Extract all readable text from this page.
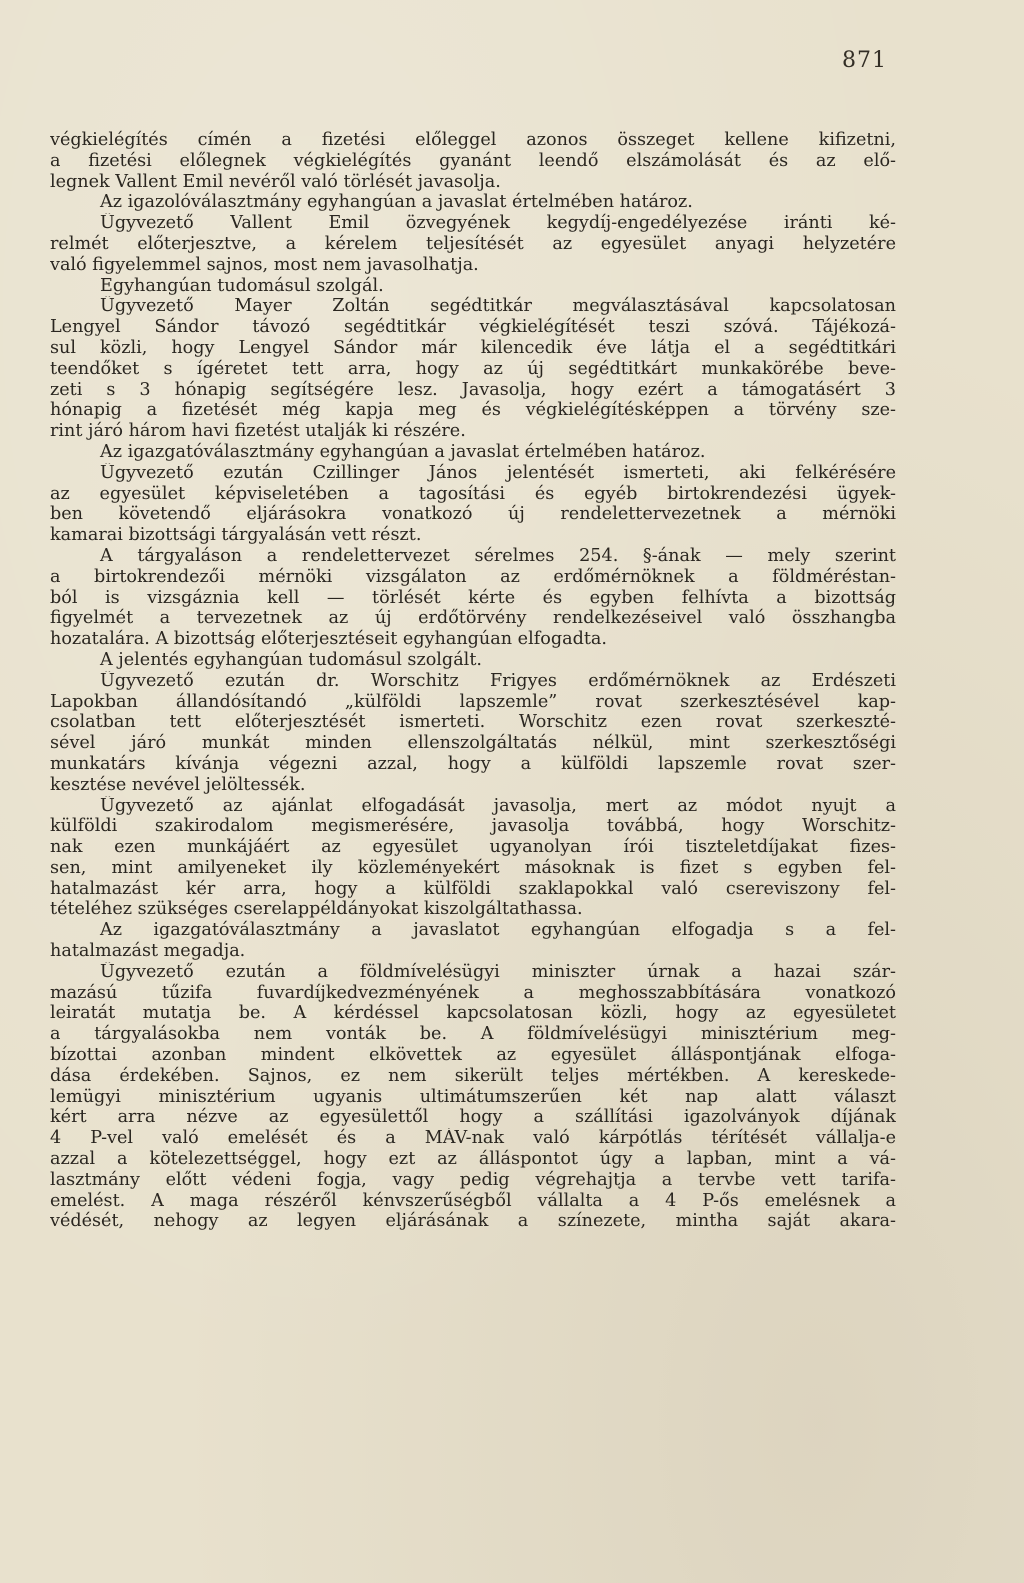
871
végkielégítés címén a fizetési előleggel azonos összeget kellene kifizetni,
a fizetési előlegnek végkielégítés gyanánt leendő elszámolását és az elő-
legnek Vallent Emil nevéről való törlését javasolja.
Az igazolóválasztmány egyhangúan a javaslat értelmében határoz.
Ügyvezető Vallent Emil özvegyének kegydíj-engedélyezése iránti ké-
relmét előterjesztve, a kérelem teljesítését az egyesület anyagi helyzetére
való figyelemmel sajnos, most nem javasolhatja.
Egyhangúan tudomásul szolgál.
Ügyvezető Mayer Zoltán segédtitkár megválasztásával kapcsolatosan
Lengyel Sándor távozó segédtitkár végkielégítését teszi szóvá. Tájékozá-
sul közli, hogy Lengyel Sándor már kilencedik éve látja el a segédtitkári
teendőket s ígéretet tett arra, hogy az új segédtitkárt munkakörébe beve-
zeti s 3 hónapig segítségére lesz. Javasolja, hogy ezért a támogatásért 3
hónapig a fizetését még kapja meg és végkielégítésképpen a törvény sze-
rint járó három havi fizetést utalják ki részére.
Az igazgatóválasztmány egyhangúan a javaslat értelmében határoz.
Ügyvezető ezután Czillinger János jelentését ismerteti, aki felkérésére
az egyesület képviseletében a tagosítási és egyéb birtokrendezési ügyek-
ben követendő eljárásokra vonatkozó új rendelettervezetnek a mérnöki
kamarai bizottsági tárgyalásán vett részt.
A tárgyaláson a rendelettervezet sérelmes 254. §-ának — mely szerint
a birtokrendezői mérnöki vizsgálaton az erdőmérnöknek a földméréstan-
ból is vizsgáznia kell — törlését kérte és egyben felhívta a bizottság
figyelmét a tervezetnek az új erdőtörvény rendelkezéseivel való összhangba
hozatalára. A bizottság előterjesztéseit egyhangúan elfogadta.
A jelentés egyhangúan tudomásul szolgált.
Ügyvezető ezután dr. Worschitz Frigyes erdőmérnöknek az Erdészeti
Lapokban állandósítandó „külföldi lapszemle” rovat szerkesztésével kap-
csolatban tett előterjesztését ismerteti. Worschitz ezen rovat szerkeszté-
sével járó munkát minden ellenszolgáltatás nélkül, mint szerkesztőségi
munkatárs kívánja végezni azzal, hogy a külföldi lapszemle rovat szer-
kesztése nevével jelöltessék.
Ügyvezető az ajánlat elfogadását javasolja, mert az módot nyujt a
külföldi szakirodalom megismerésére, javasolja továbbá, hogy Worschitz-
nak ezen munkájáért az egyesület ugyanolyan írói tiszteletdíjakat fizes-
sen, mint amilyeneket ily közleményekért másoknak is fizet s egyben fel-
hatalmazást kér arra, hogy a külföldi szaklapokkal való csereviszony fel-
tételéhez szükséges cserelappéldányokat kiszolgáltathassa.
Az igazgatóválasztmány a javaslatot egyhangúan elfogadja s a fel-
hatalmazást megadja.
Ügyvezető ezután a földmívelésügyi miniszter úrnak a hazai szár-
mazású tűzifa fuvardíjkedvezményének a meghosszabbítására vonatkozó
leiratát mutatja be. A kérdéssel kapcsolatosan közli, hogy az egyesületet
a tárgyalásokba nem vonták be. A földmívelésügyi minisztérium meg-
bízottai azonban mindent elkövettek az egyesület álláspontjának elfoga-
dása érdekében. Sajnos, ez nem sikerült teljes mértékben. A kereskede-
lemügyi minisztérium ugyanis ultimátumszerűen két nap alatt választ
kért arra nézve az egyesülettől hogy a szállítási igazolványok díjának
4 P-vel való emelését és a MÁV-nak való kárpótlás térítését vállalja-e
azzal a kötelezettséggel, hogy ezt az álláspontot úgy a lapban, mint a vá-
lasztmány előtt védeni fogja, vagy pedig végrehajtja a tervbe vett tarifa-
emelést. A maga részéről kénvszerűségből vállalta a 4 P-ős emelésnek a
védését, nehogy az legyen eljárásának a színezete, mintha saját akara-
